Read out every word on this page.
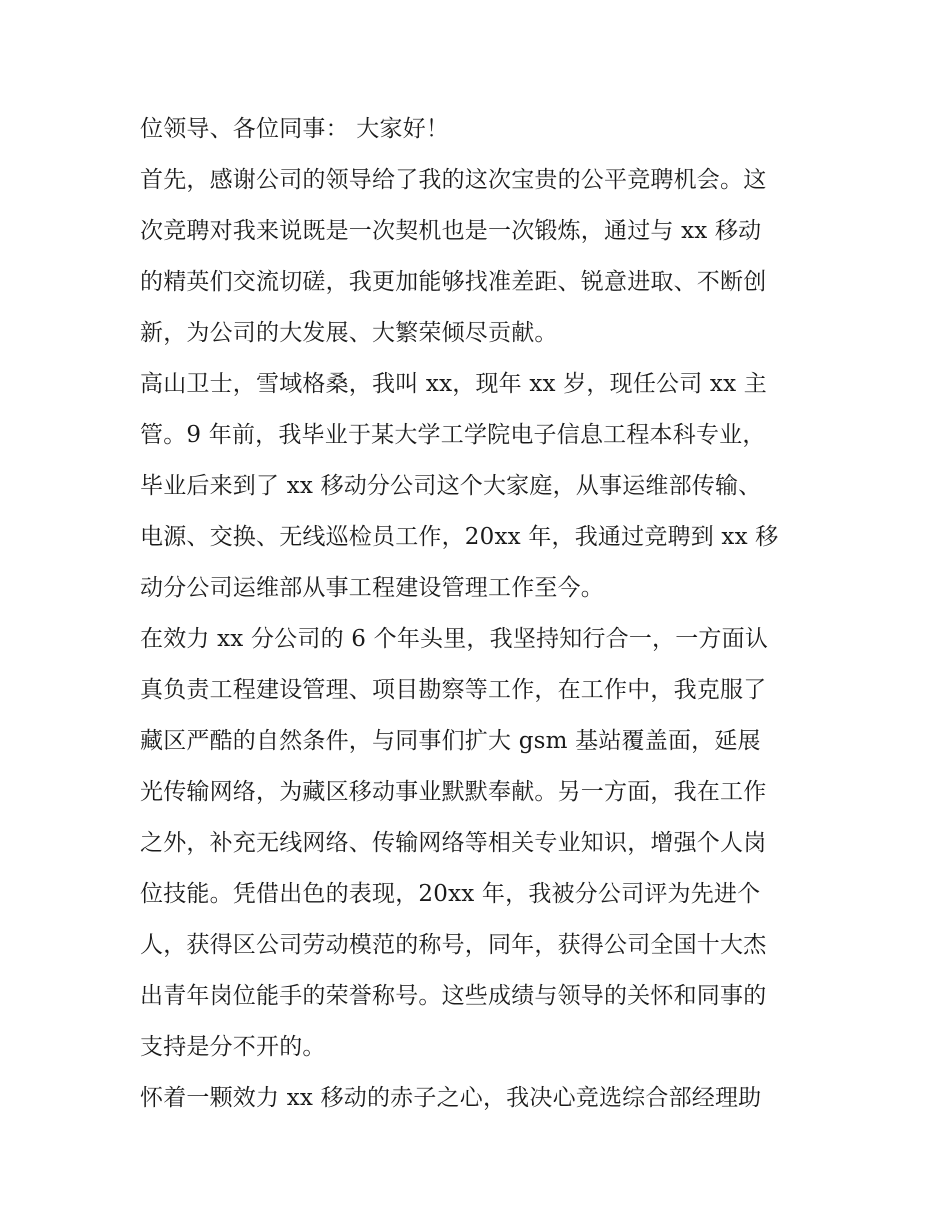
位领导、各位同事： 大家好！
首先，感谢公司的领导给了我的这次宝贵的公平竞聘机会。这
次竞聘对我来说既是一次契机也是一次锻炼，通过与 xx 移动
的精英们交流切磋，我更加能够找准差距、锐意进取、不断创
新，为公司的大发展、大繁荣倾尽贡献。
高山卫士，雪域格桑，我叫 xx，现年 xx 岁，现任公司 xx 主
管。9 年前，我毕业于某大学工学院电子信息工程本科专业，
毕业后来到了 xx 移动分公司这个大家庭，从事运维部传输、
电源、交换、无线巡检员工作，20xx 年，我通过竞聘到 xx 移
动分公司运维部从事工程建设管理工作至今。
在效力 xx 分公司的 6 个年头里，我坚持知行合一，一方面认
真负责工程建设管理、项目勘察等工作，在工作中，我克服了
藏区严酷的自然条件，与同事们扩大 gsm 基站覆盖面，延展
光传输网络，为藏区移动事业默默奉献。另一方面，我在工作
之外，补充无线网络、传输网络等相关专业知识，增强个人岗
位技能。凭借出色的表现，20xx 年，我被分公司评为先进个
人，获得区公司劳动模范的称号，同年，获得公司全国十大杰
出青年岗位能手的荣誉称号。这些成绩与领导的关怀和同事的
支持是分不开的。
怀着一颗效力 xx 移动的赤子之心，我决心竞选综合部经理助
